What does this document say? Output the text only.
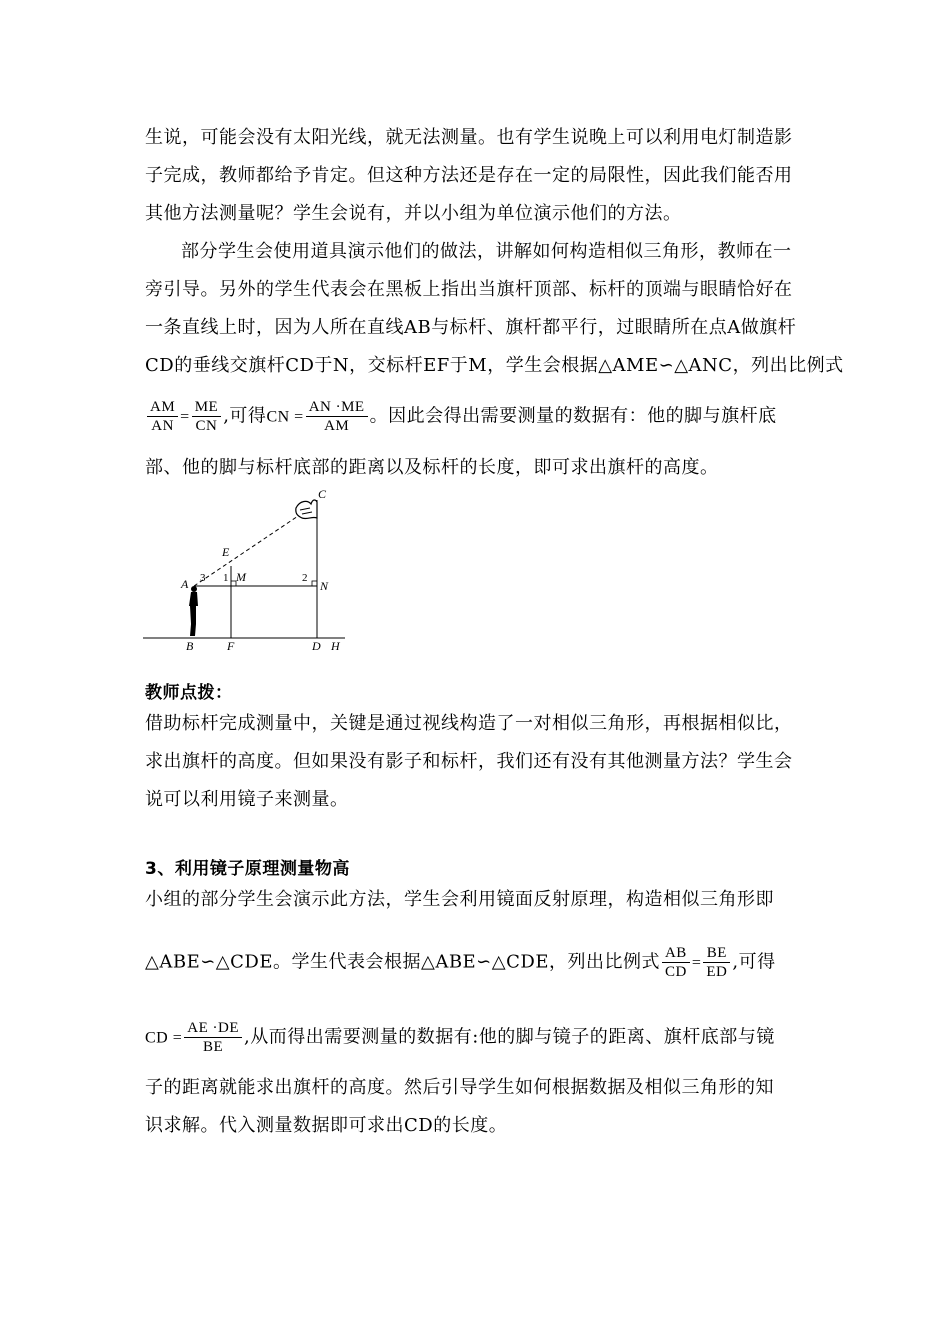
生说，可能会没有太阳光线，就无法测量。也有学生说晚上可以利用电灯制造影
子完成，教师都给予肯定。但这种方法还是存在一定的局限性，因此我们能否用
其他方法测量呢？学生会说有，并以小组为单位演示他们的方法。
部分学生会使用道具演示他们的做法，讲解如何构造相似三角形，教师在一
旁引导。另外的学生代表会在黑板上指出当旗杆顶部、标杆的顶端与眼睛恰好在
一条直线上时，因为人所在直线AB与标杆、旗杆都平行，过眼睛所在点A做旗杆
CD的垂线交旗杆CD于N，交标杆EF于M，学生会根据△AME∽△ANC，列出比例式
$\frac{AM}{AN} = \frac{ME}{CN}$ ,可得CN = $\frac{AN \cdot ME}{AM}$ 。因此会得出需要测量的数据有：他的脚与旗杆底
部、他的脚与标杆底部的距离以及标杆的长度，即可求出旗杆的高度。
C
E
A 3 1 M	2
N
B	F	D H
教师点拨：
借助标杆完成测量中，关键是通过视线构造了一对相似三角形，再根据相似比，
求出旗杆的高度。但如果没有影子和标杆，我们还有没有其他测量方法？学生会
说可以利用镜子来测量。
3、利用镜子原理测量物高
小组的部分学生会演示此方法，学生会利用镜面反射原理，构造相似三角形即
△ABE∽△CDE。学生代表会根据△ABE∽△CDE，列出比例式 $\frac{AB}{CD} = \frac{BE}{ED}$ ,可得
CD = $\frac{AE \cdot DE}{BE}$ ,从而得出需要测量的数据有:他的脚与镜子的距离、旗杆底部与镜
子的距离就能求出旗杆的高度。然后引导学生如何根据数据及相似三角形的知
识求解。代入测量数据即可求出CD的长度。
